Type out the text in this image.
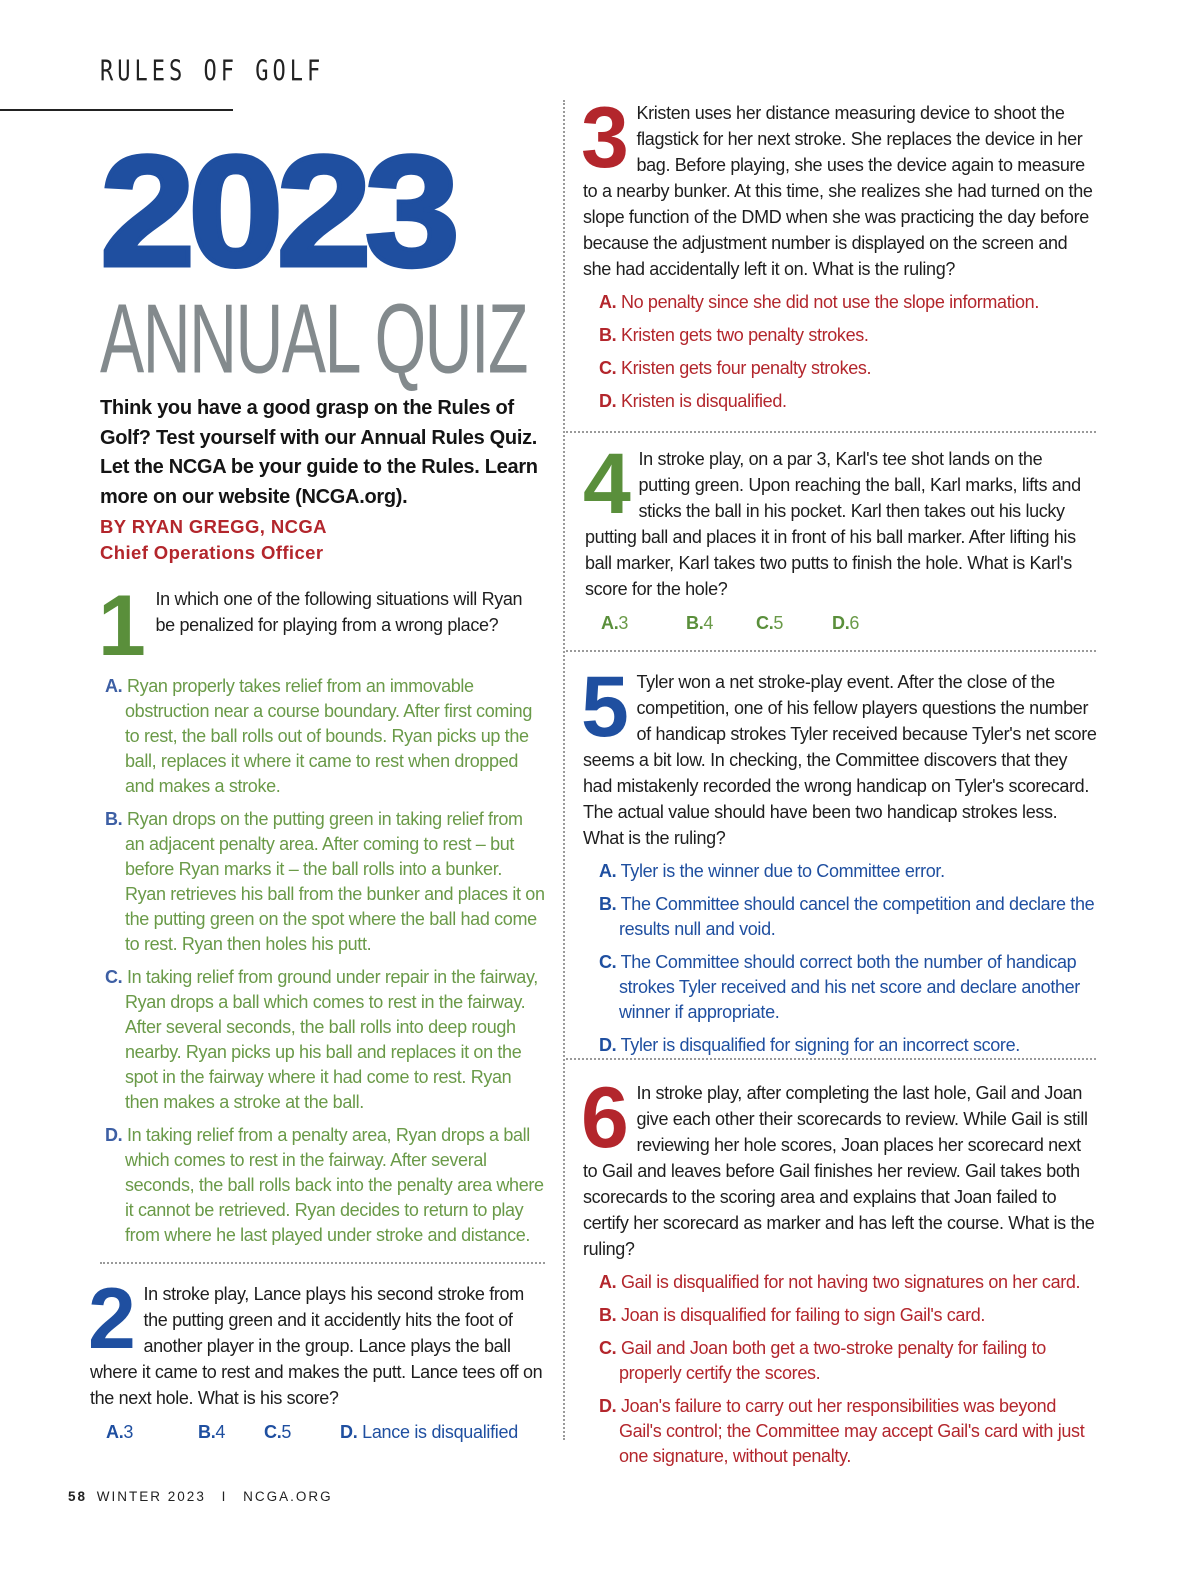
RULES OF GOLF
2023
ANNUAL QUIZ

Think you have a good grasp on the Rules of Golf? Test yourself with our Annual Rules Quiz. Let the NCGA be your guide to the Rules. Learn more on our website (NCGA.org).

BY RYAN GREGG, NCGA
Chief Operations Officer
1 In which one of the following situations will Ryan be penalized for playing from a wrong place?
A. Ryan properly takes relief from an immovable obstruction near a course boundary. After first coming to rest, the ball rolls out of bounds. Ryan picks up the ball, replaces it where it came to rest when dropped and makes a stroke.
B. Ryan drops on the putting green in taking relief from an adjacent penalty area. After coming to rest – but before Ryan marks it – the ball rolls into a bunker. Ryan retrieves his ball from the bunker and places it on the putting green on the spot where the ball had come to rest. Ryan then holes his putt.
C. In taking relief from ground under repair in the fairway, Ryan drops a ball which comes to rest in the fairway. After several seconds, the ball rolls into deep rough nearby. Ryan picks up his ball and replaces it on the spot in the fairway where it had come to rest. Ryan then makes a stroke at the ball.
D. In taking relief from a penalty area, Ryan drops a ball which comes to rest in the fairway. After several seconds, the ball rolls back into the penalty area where it cannot be retrieved. Ryan decides to return to play from where he last played under stroke and distance.
2 In stroke play, Lance plays his second stroke from the putting green and it accidently hits the foot of another player in the group. Lance plays the ball where it came to rest and makes the putt. Lance tees off on the next hole. What is his score?
A.3	B.4	C.5	D. Lance is disqualified
3 Kristen uses her distance measuring device to shoot the flagstick for her next stroke. She replaces the device in her bag. Before playing, she uses the device again to measure to a nearby bunker. At this time, she realizes she had turned on the slope function of the DMD when she was practicing the day before because the adjustment number is displayed on the screen and she had accidentally left it on. What is the ruling?
A. No penalty since she did not use the slope information.
B. Kristen gets two penalty strokes.
C. Kristen gets four penalty strokes.
D. Kristen is disqualified.
4 In stroke play, on a par 3, Karl's tee shot lands on the putting green. Upon reaching the ball, Karl marks, lifts and sticks the ball in his pocket. Karl then takes out his lucky putting ball and places it in front of his ball marker. After lifting his ball marker, Karl takes two putts to finish the hole. What is Karl's score for the hole?
A.3	B.4	C.5	D.6
5 Tyler won a net stroke-play event. After the close of the competition, one of his fellow players questions the number of handicap strokes Tyler received because Tyler's net score seems a bit low. In checking, the Committee discovers that they had mistakenly recorded the wrong handicap on Tyler's scorecard. The actual value should have been two handicap strokes less. What is the ruling?
A. Tyler is the winner due to Committee error.
B. The Committee should cancel the competition and declare the results null and void.
C. The Committee should correct both the number of handicap strokes Tyler received and his net score and declare another winner if appropriate.
D. Tyler is disqualified for signing for an incorrect score.
6 In stroke play, after completing the last hole, Gail and Joan give each other their scorecards to review. While Gail is still reviewing her hole scores, Joan places her scorecard next to Gail and leaves before Gail finishes her review. Gail takes both scorecards to the scoring area and explains that Joan failed to certify her scorecard as marker and has left the course. What is the ruling?
A. Gail is disqualified for not having two signatures on her card.
B. Joan is disqualified for failing to sign Gail's card.
C. Gail and Joan both get a two-stroke penalty for failing to properly certify the scores.
D. Joan's failure to carry out her responsibilities was beyond Gail's control; the Committee may accept Gail's card with just one signature, without penalty.
58 WINTER 2023 I NCGA.ORG
